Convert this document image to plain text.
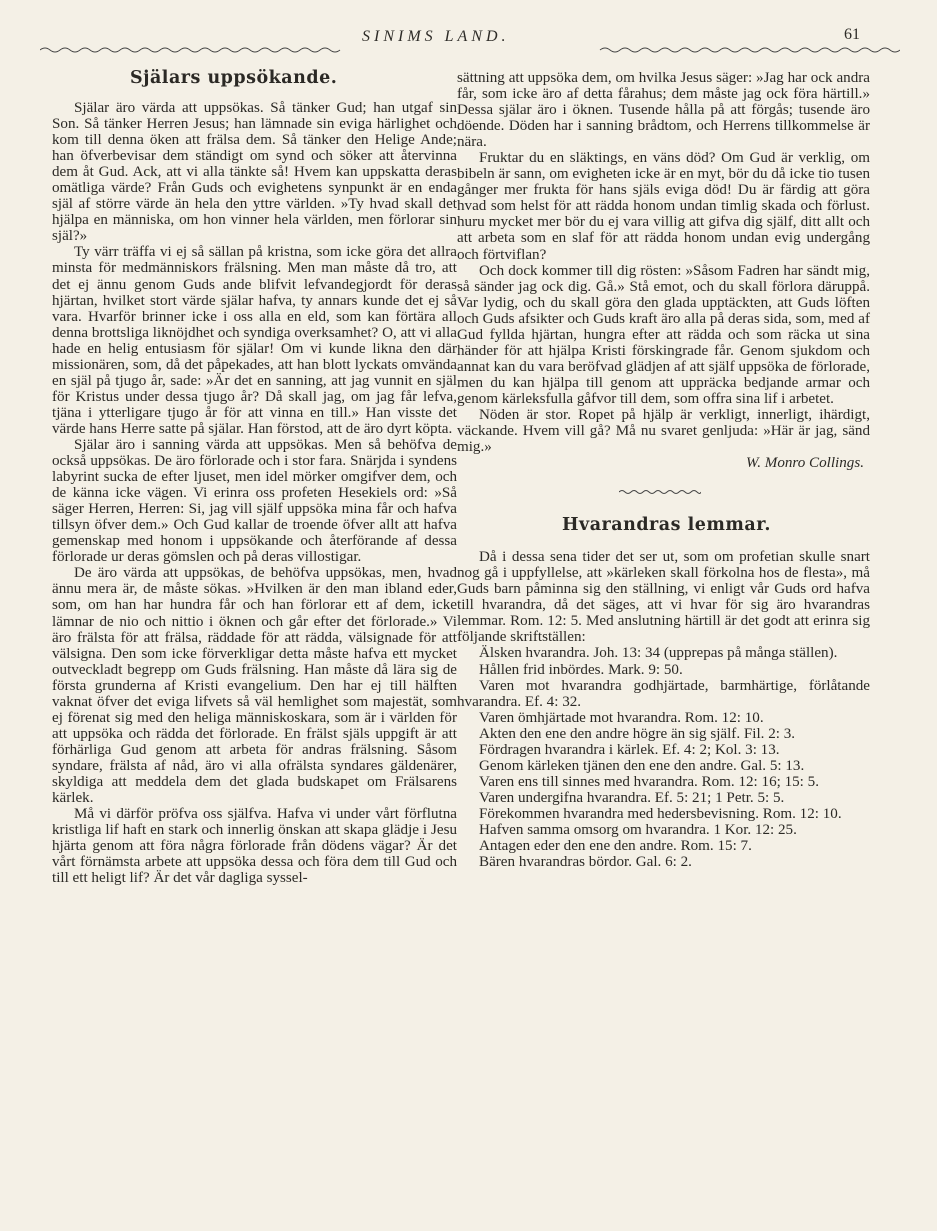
SINIMS LAND.	61
Själars uppsökande.

Själar äro värda att uppsökas. Så tänker Gud; han utgaf sin Son. Så tänker Herren Jesus; han lämnade sin eviga härlighet och kom till denna öken att frälsa dem. Så tänker den Helige Ande; han öfverbevisar dem ständigt om synd och söker att återvinna dem åt Gud. Ack, att vi alla tänkte så! Hvem kan uppskatta deras omätliga värde? Från Guds och evighetens synpunkt är en enda själ af större värde än hela den yttre världen. »Ty hvad skall det hjälpa en människa, om hon vinner hela världen, men förlorar sin själ?»

Ty värr träffa vi ej så sällan på kristna, som icke göra det allra minsta för medmänniskors frälsning. Men man måste då tro, att det ej ännu genom Guds ande blifvit lefvandegjordt för deras hjärtan, hvilket stort värde själar hafva, ty annars kunde det ej så vara. Hvarför brinner icke i oss alla en eld, som kan förtära all denna brottsliga liknöjdhet och syndiga overksamhet? O, att vi alla hade en helig entusiasm för själar! Om vi kunde likna den där missionären, som, då det påpekades, att han blott lyckats omvända en själ på tjugo år, sade: »Är det en sanning, att jag vunnit en själ för Kristus under dessa tjugo år? Då skall jag, om jag får lefva, tjäna i ytterligare tjugo år för att vinna en till.» Han visste det värde hans Herre satte på själar. Han förstod, att de äro dyrt köpta.

Själar äro i sanning värda att uppsökas. Men så behöfva de också uppsökas. De äro förlorade och i stor fara. Snärjda i syndens labyrint sucka de efter ljuset, men idel mörker omgifver dem, och de känna icke vägen. Vi erinra oss profeten Hesekiels ord: »Så säger Herren, Herren: Si, jag vill själf uppsöka mina får och hafva tillsyn öfver dem.» Och Gud kallar de troende öfver allt att hafva gemenskap med honom i uppsökande och återförande af dessa förlorade ur deras gömslen och på deras villostigar.

De äro värda att uppsökas, de behöfva uppsökas, men, hvad ännu mera är, de måste sökas. »Hvilken är den man ibland eder, som, om han har hundra får och han förlorar ett af dem, icke lämnar de nio och nittio i öknen och går efter det förlorade.» Vi äro frälsta för att frälsa, räddade för att rädda, välsignade för att välsigna. Den som icke förverkligar detta måste hafva ett mycket outveckladt begrepp om Guds frälsning. Han måste då lära sig de första grunderna af Kristi evangelium. Den har ej till hälften vaknat öfver det eviga lifvets så väl hemlighet som majestät, som ej förenat sig med den heliga människoskara, som är i världen för att uppsöka och rädda det förlorade. En frälst själs uppgift är att förhärliga Gud genom att arbeta för andras frälsning. Såsom syndare, frälsta af nåd, äro vi alla ofrälsta syndares gäldenärer, skyldiga att meddela dem det glada budskapet om Frälsarens kärlek.

Må vi därför pröfva oss själfva. Hafva vi under vårt förflutna kristliga lif haft en stark och innerlig önskan att skapa glädje i Jesu hjärta genom att föra några förlorade från dödens vägar? Är det vårt förnämsta arbete att uppsöka dessa och föra dem till Gud och till ett heligt lif? Är det vår dagliga syssel-

sättning att uppsöka dem, om hvilka Jesus säger: »Jag har ock andra får, som icke äro af detta fårahus; dem måste jag ock föra härtill.» Dessa själar äro i öknen. Tusende hålla på att förgås; tusende äro döende. Döden har i sanning brådtom, och Herrens tillkommelse är nära.

Fruktar du en släktings, en väns död? Om Gud är verklig, om bibeln är sann, om evigheten icke är en myt, bör du då icke tio tusen gånger mer frukta för hans själs eviga död! Du är färdig att göra hvad som helst för att rädda honom undan timlig skada och förlust. huru mycket mer bör du ej vara villig att gifva dig själf, ditt allt och att arbeta som en slaf för att rädda honom undan evig undergång och förtviflan?

Och dock kommer till dig rösten: »Såsom Fadren har sändt mig, så sänder jag ock dig. Gå.» Stå emot, och du skall förlora däruppå. Var lydig, och du skall göra den glada upptäckten, att Guds löften och Guds afsikter och Guds kraft äro alla på deras sida, som, med af Gud fyllda hjärtan, hungra efter att rädda och som räcka ut sina händer för att hjälpa Kristi förskingrade får. Genom sjukdom och annat kan du vara beröfvad glädjen af att själf uppsöka de förlorade, men du kan hjälpa till genom att uppräcka bedjande armar och genom kärleksfulla gåfvor till dem, som offra sina lif i arbetet.

Nöden är stor. Ropet på hjälp är verkligt, innerligt, ihärdigt, väckande. Hvem vill gå? Må nu svaret genljuda: »Här är jag, sänd mig.»

W. Monro Collings.

Hvarandras lemmar.

Då i dessa sena tider det ser ut, som om profetian skulle snart nog gå i uppfyllelse, att »kärleken skall förkolna hos de flesta», må Guds barn påminna sig den ställning, vi enligt vår Guds ord hafva till hvarandra, då det säges, att vi hvar för sig äro hvarandras lemmar. Rom. 12: 5. Med anslutning härtill är det godt att erinra sig följande skriftställen:

Älsken hvarandra. Joh. 13: 34 (upprepas på många ställen).

Hållen frid inbördes. Mark. 9: 50.

Varen mot hvarandra godhjärtade, barmhärtige, förlåtande hvarandra. Ef. 4: 32.

Varen ömhjärtade mot hvarandra. Rom. 12: 10.

Akten den ene den andre högre än sig själf. Fil. 2: 3.

Fördragen hvarandra i kärlek. Ef. 4: 2; Kol. 3: 13.

Genom kärleken tjänen den ene den andre. Gal. 5: 13.

Varen ens till sinnes med hvarandra. Rom. 12: 16; 15: 5.

Varen undergifna hvarandra. Ef. 5: 21; 1 Petr. 5: 5.

Förekommen hvarandra med hedersbevisning. Rom. 12: 10.

Hafven samma omsorg om hvarandra. 1 Kor. 12: 25.

Antagen eder den ene den andre. Rom. 15: 7.

Bären hvarandras bördor. Gal. 6: 2.
